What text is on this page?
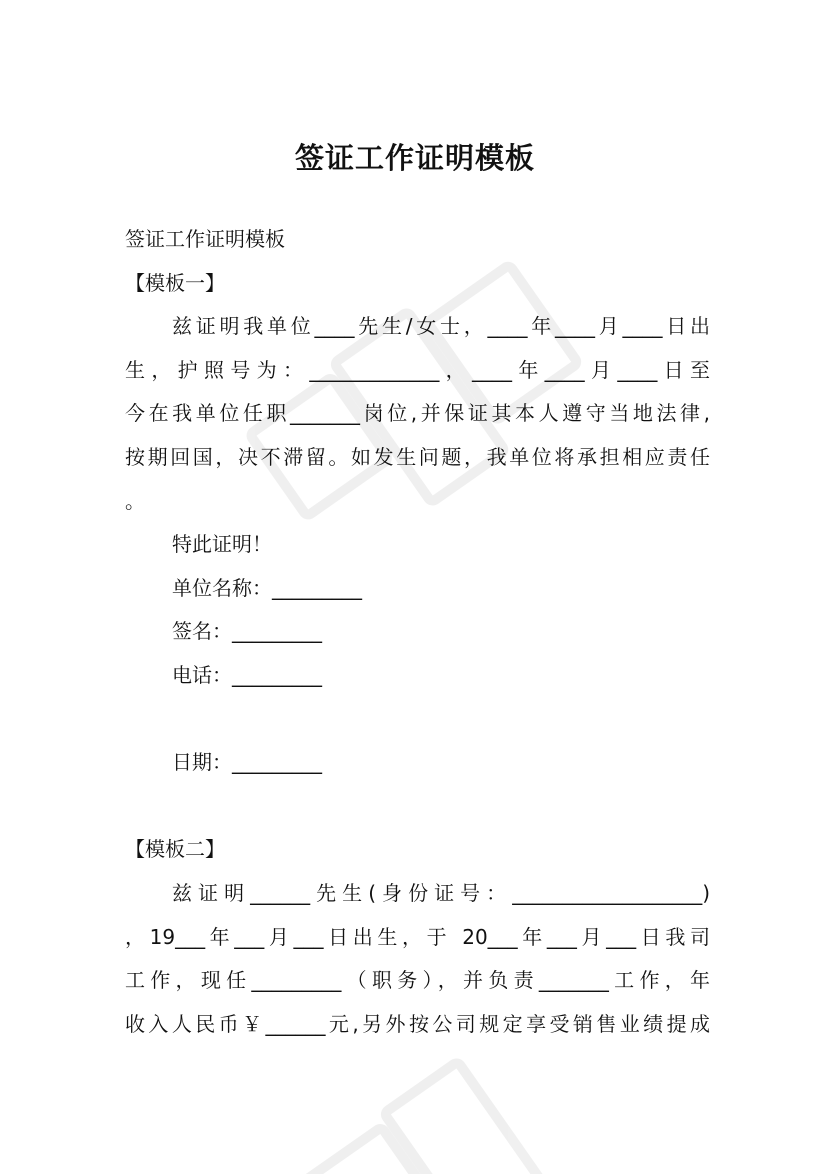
签证工作证明模板
签证工作证明模板
【模板一】
兹证明我单位____先生/女士，____年____月____日出
生，护照号为：_____________，____年____月____日至
今在我单位任职_______岗位,并保证其本人遵守当地法律,
按期回国，决不滞留。如发生问题，我单位将承担相应责任
。
特此证明！
单位名称：_________
签名：_________
电话：_________
日期：_________
【模板二】
兹证明______先生(身份证号：___________________)
，19___年___月___日出生，于 20___年___月___日我司
工作，现任_________（职务），并负责_______工作，年
收入人民币￥______元,另外按公司规定享受销售业绩提成
